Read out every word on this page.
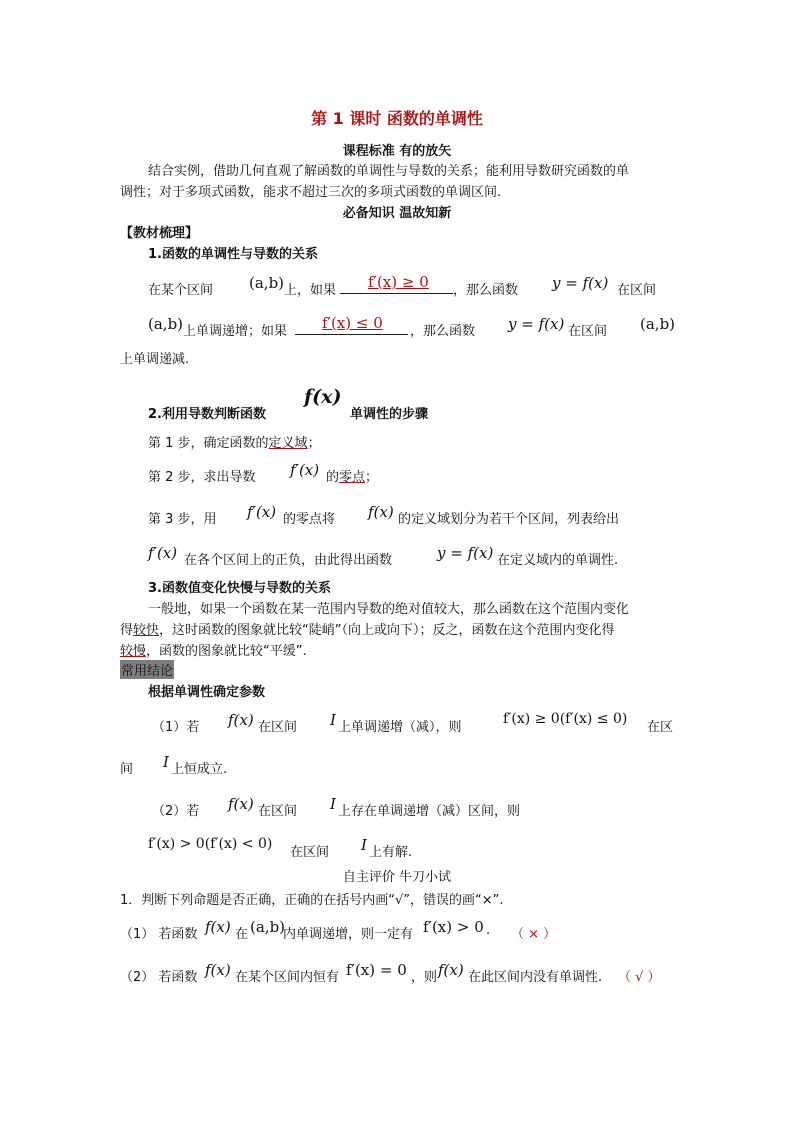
第 1 课时 函数的单调性
课程标准 有的放矢
结合实例，借助几何直观了解函数的单调性与导数的关系；能利用导数研究函数的单
调性；对于多项式函数，能求不超过三次的多项式函数的单调区间.
必备知识 温故知新
【教材梳理】
1.函数的单调性与导数的关系
在某个区间 (a,b) 上，如果 f′(x) ≥ 0 ，那么函数 y = f(x) 在区间
(a,b) 上单调递增；如果 f′(x) ≤ 0 ，那么函数 y = f(x) 在区间 (a,b)
上单调递减.
2.利用导数判断函数
f(x)
单调性的步骤
第 1 步，确定函数的定义域；
第 2 步，求出导数 f′(x) 的零点；
第 3 步，用 f′(x) 的零点将 f(x) 的定义域划分为若干个区间，列表给出
f′(x) 在各个区间上的正负，由此得出函数	y = f(x) 在定义域内的单调性.
3.函数值变化快慢与导数的关系
一般地，如果一个函数在某一范围内导数的绝对值较大，那么函数在这个范围内变化
得较快，这时函数的图象就比较“陡峭”（向上或向下）；反之，函数在这个范围内变化得
较慢，函数的图象就比较“平缓”.
常用结论
根据单调性确定参数
（1）若 f(x) 在区间 I 上单调递增（减），则
f′(x) ≥ 0(f′(x) ≤ 0)
在区
间 I 上恒成立.
（2）若 f(x) 在区间 I 上存在单调递增（减）区间，则
f′(x) > 0(f′(x) < 0)
在区间 I 上有解.
自主评价 牛刀小试
1．判断下列命题是否正确，正确的在括号内画“√”，错误的画“×”.
（1） 若函数 f(x) 在 (a,b)
内单调递增，则一定有 f′(x) > 0 . （ × ）
（2） 若函数 f(x) 在某个区间内恒有 f′(x) = 0 ，则 f(x) 在此区间内没有单调性. （ √ ）
